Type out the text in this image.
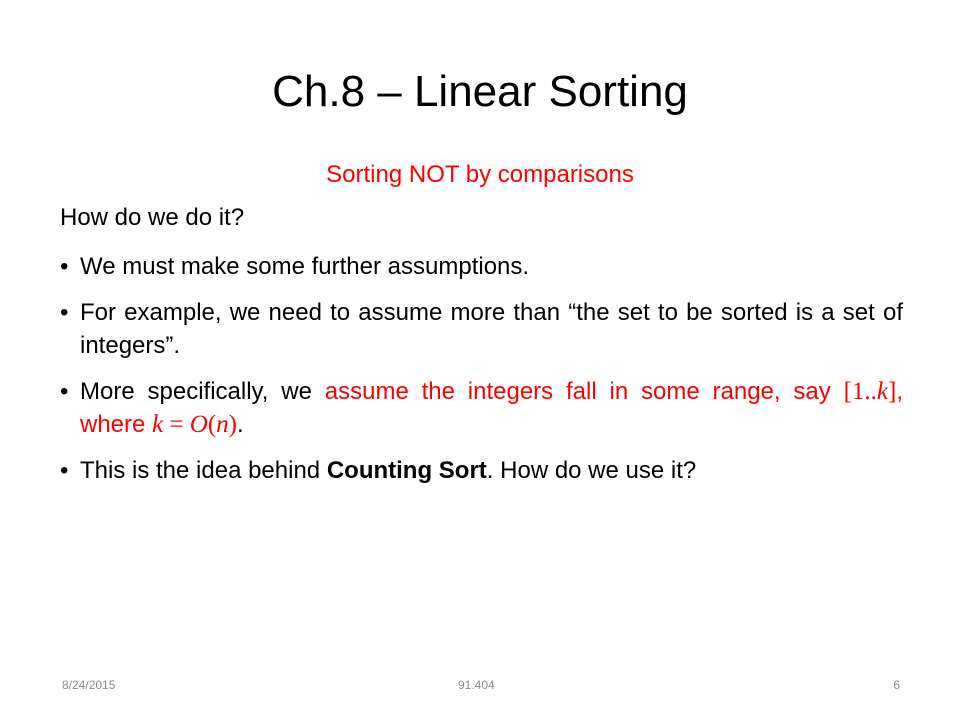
Ch.8 – Linear Sorting
Sorting NOT by comparisons
How do we do it?
• We must make some further assumptions.
• For example, we need to assume more than “the set to be sorted is a set of integers”.
• More specifically, we assume the integers fall in some range, say [1..k], where k = O(n).
• This is the idea behind Counting Sort. How do we use it?
8/24/2015	91.404	6
